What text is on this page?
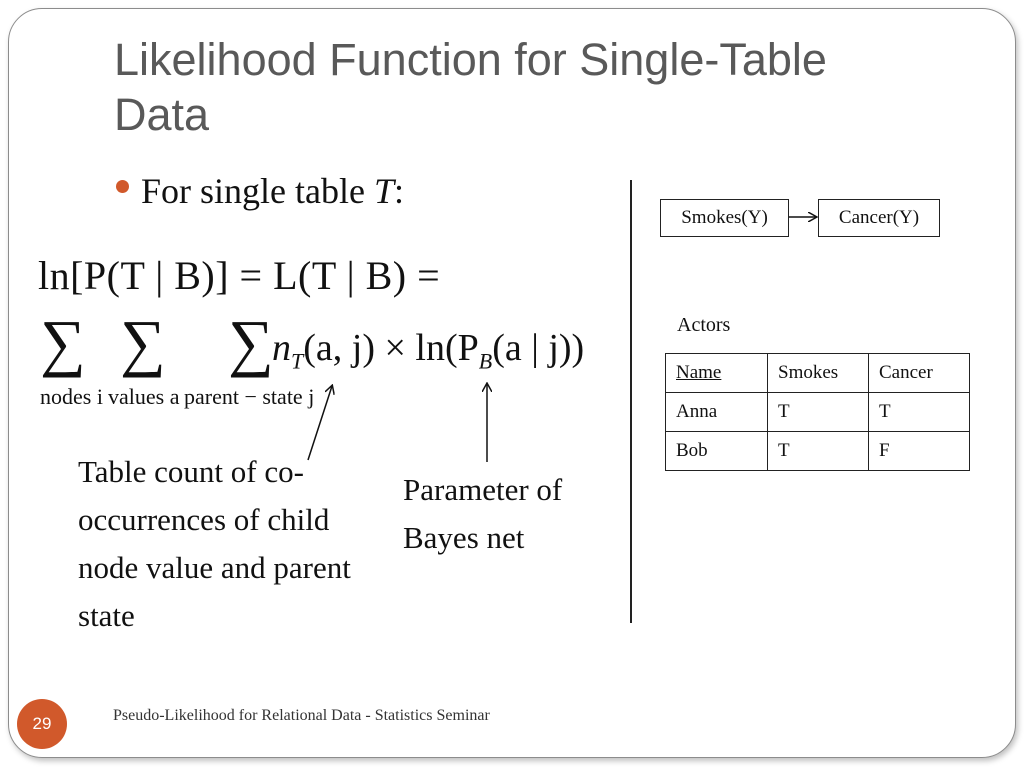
Likelihood Function for Single-Table Data
For single table T:
ln[P(T | B)] = L(T | B) =
∑ ∑ ∑
$n_T(a$, $j) \times \ln(P_B(a$ | j))
nodes i values a parent − state j
Table count of co-occurrences of child node value and parent state
Parameter of Bayes net
Smokes(Y)	Cancer(Y)
Actors
Name	Smokes	Cancer
Anna	T	T
Bob	T	F
29	Pseudo-Likelihood for Relational Data - Statistics Seminar
